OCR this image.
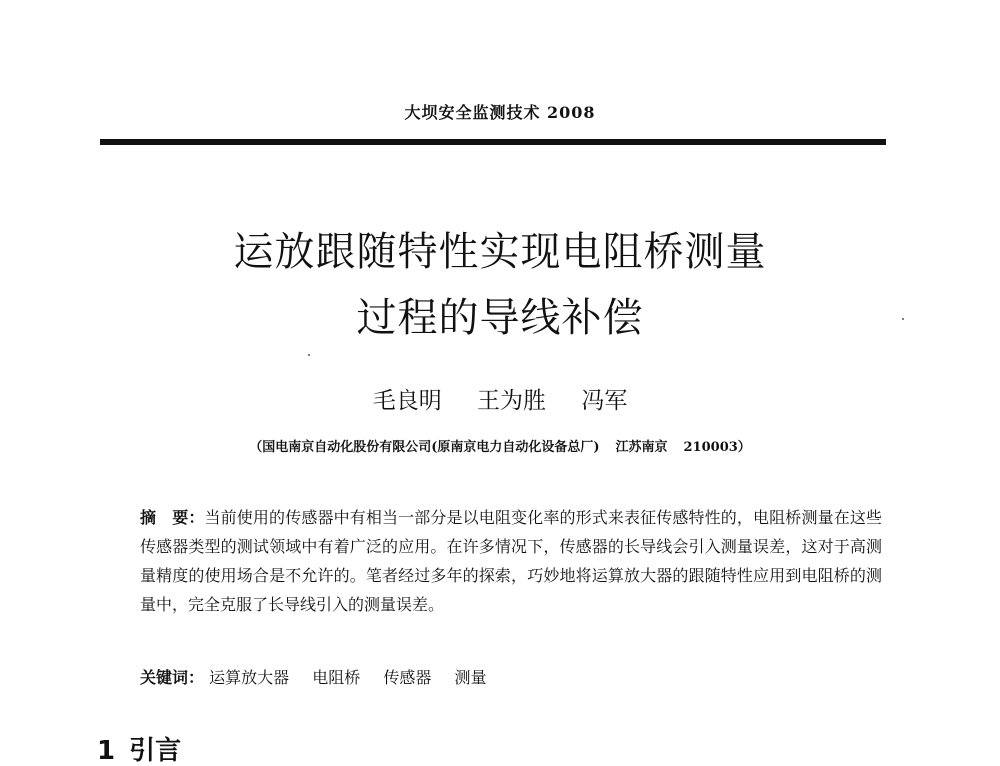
大坝安全监测技术 2008
运放跟随特性实现电阻桥测量
过程的导线补偿
毛良明 王为胜 冯军
（国电南京自动化股份有限公司(原南京电力自动化设备总厂) 江苏南京 210003）
摘　要：当前使用的传感器中有相当一部分是以电阻变化率的形式来表征传感特性的，电阻桥测量在这些传感器类型的测试领域中有着广泛的应用。在许多情况下，传感器的长导线会引入测量误差，这对于高测量精度的使用场合是不允许的。笔者经过多年的探索，巧妙地将运算放大器的跟随特性应用到电阻桥的测量中，完全克服了长导线引入的测量误差。
关键词： 运算放大器 电阻桥 传感器 测量
1 引言
